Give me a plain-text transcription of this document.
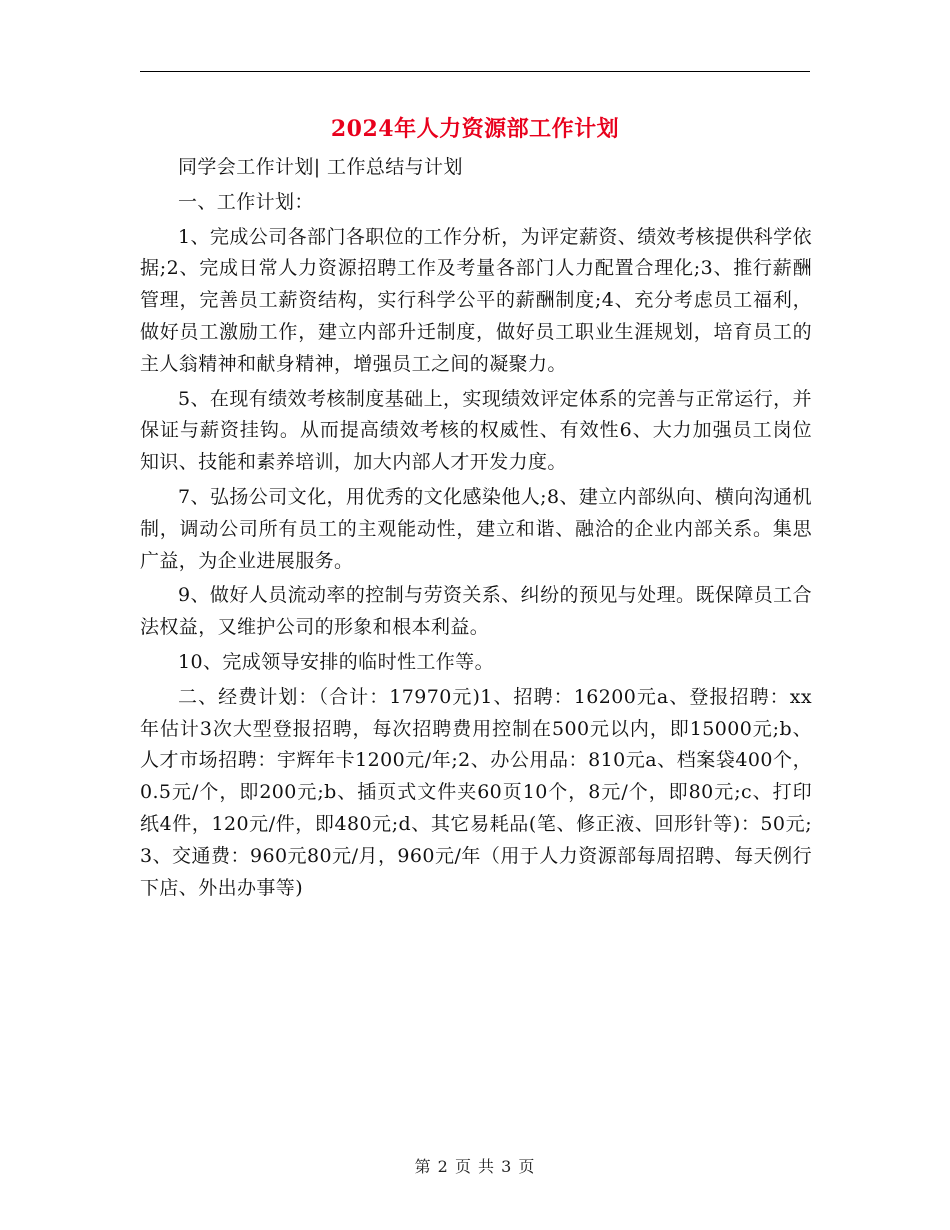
2024年人力资源部工作计划

同学会工作计划| 工作总结与计划

一、工作计划：

1、完成公司各部门各职位的工作分析，为评定薪资、绩效考核提供科学依据;2、完成日常人力资源招聘工作及考量各部门人力配置合理化;3、推行薪酬管理，完善员工薪资结构，实行科学公平的薪酬制度;4、充分考虑员工福利，做好员工激励工作，建立内部升迁制度，做好员工职业生涯规划，培育员工的主人翁精神和献身精神，增强员工之间的凝聚力。

5、在现有绩效考核制度基础上，实现绩效评定体系的完善与正常运行，并保证与薪资挂钩。从而提高绩效考核的权威性、有效性6、大力加强员工岗位知识、技能和素养培训，加大内部人才开发力度。

7、弘扬公司文化，用优秀的文化感染他人;8、建立内部纵向、横向沟通机制，调动公司所有员工的主观能动性，建立和谐、融洽的企业内部关系。集思广益，为企业进展服务。

9、做好人员流动率的控制与劳资关系、纠纷的预见与处理。既保障员工合法权益，又维护公司的形象和根本利益。

10、完成领导安排的临时性工作等。

二、经费计划：（合计：17970元)1、招聘：16200元a、登报招聘：xx年估计3次大型登报招聘，每次招聘费用控制在500元以内，即15000元;b、人才市场招聘：宇辉年卡1200元/年;2、办公用品：810元a、档案袋400个，0.5元/个，即200元;b、插页式文件夹60页10个，8元/个，即80元;c、打印纸4件，120元/件，即480元;d、其它易耗品(笔、修正液、回形针等)：50元;3、交通费：960元80元/月，960元/年（用于人力资源部每周招聘、每天例行下店、外出办事等)

第 2 页 共 3 页
